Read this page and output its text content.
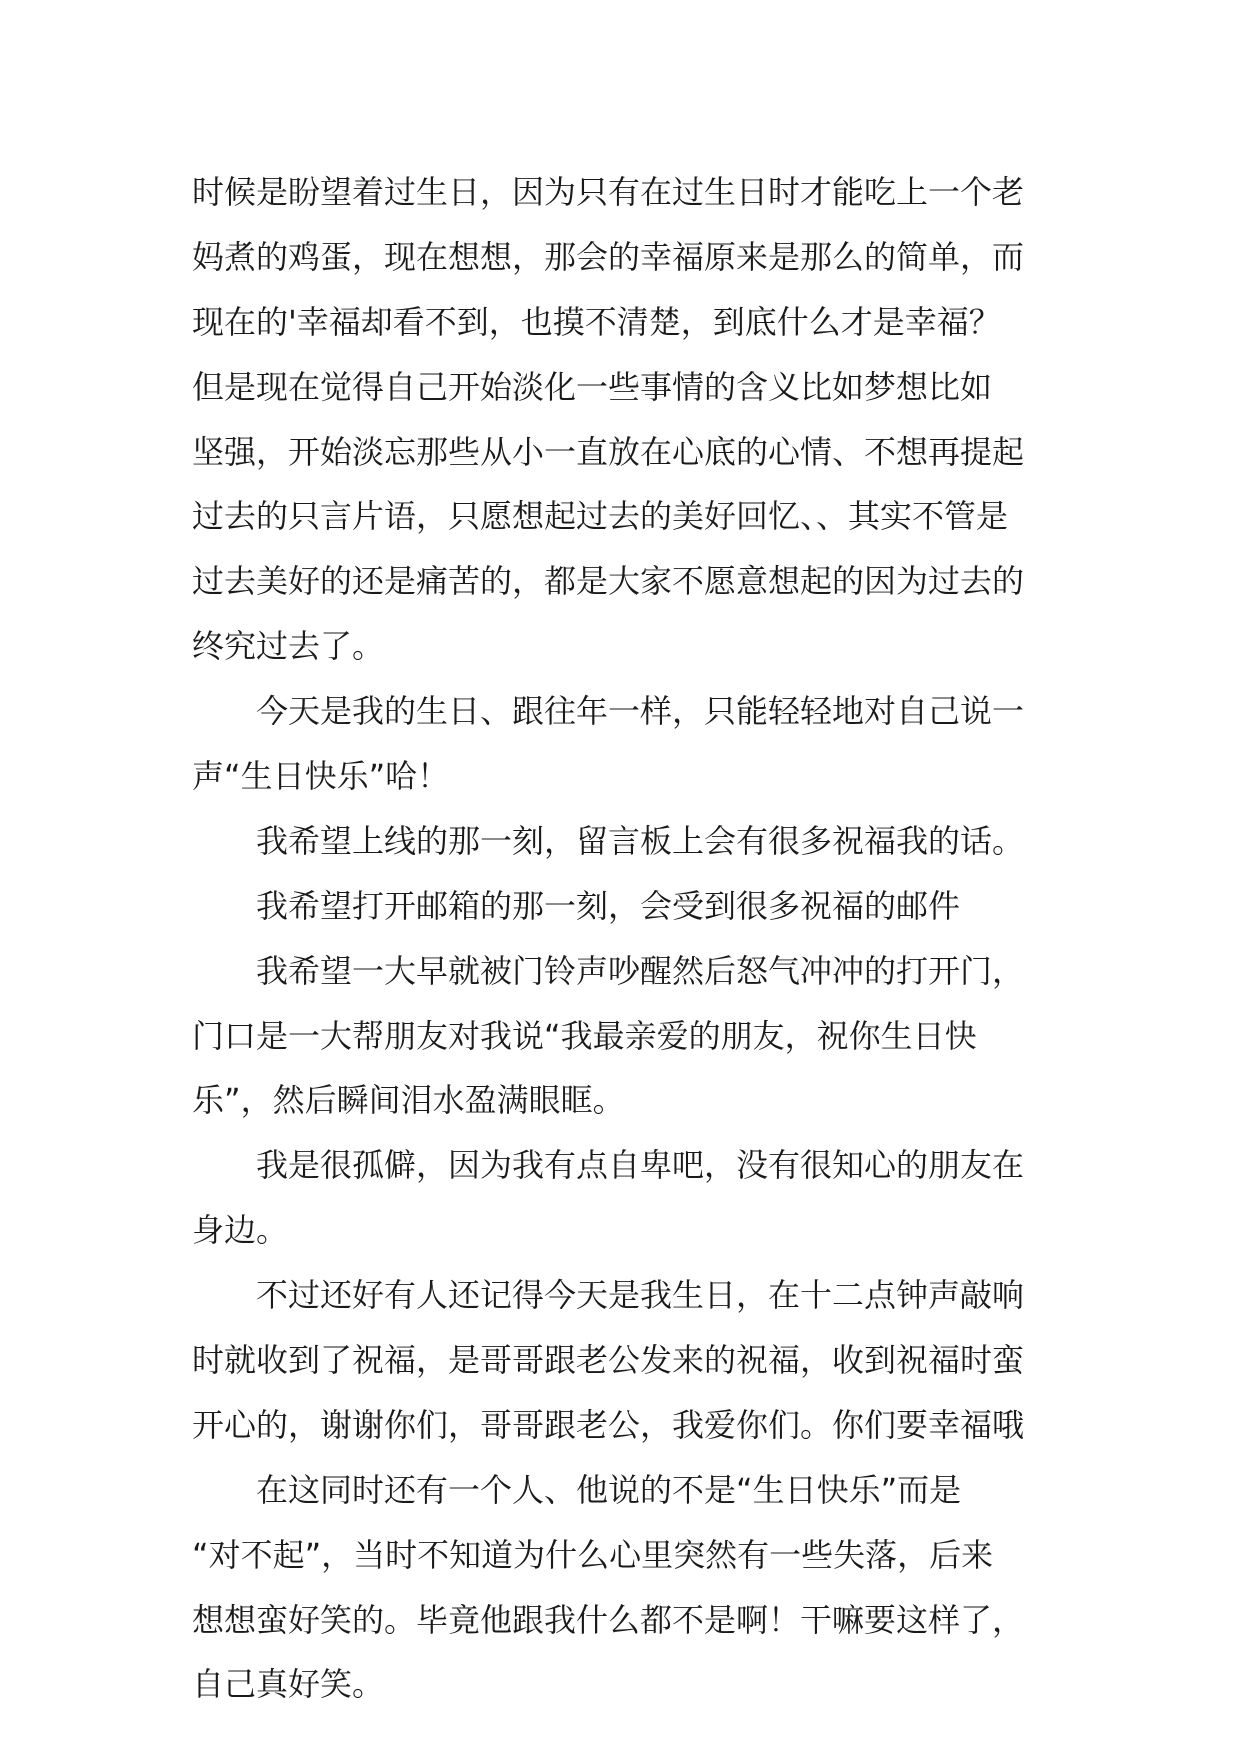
时候是盼望着过生日，因为只有在过生日时才能吃上一个老
妈煮的鸡蛋，现在想想，那会的幸福原来是那么的简单，而
现在的'幸福却看不到，也摸不清楚，到底什么才是幸福？
但是现在觉得自己开始淡化一些事情的含义比如梦想比如
坚强，开始淡忘那些从小一直放在心底的心情、不想再提起
过去的只言片语，只愿想起过去的美好回忆、、其实不管是
过去美好的还是痛苦的，都是大家不愿意想起的因为过去的
终究过去了。
今天是我的生日、跟往年一样，只能轻轻地对自己说一
声“生日快乐”哈！
我希望上线的那一刻，留言板上会有很多祝福我的话。
我希望打开邮箱的那一刻，会受到很多祝福的邮件
我希望一大早就被门铃声吵醒然后怒气冲冲的打开门，
门口是一大帮朋友对我说“我最亲爱的朋友，祝你生日快
乐”，然后瞬间泪水盈满眼眶。
我是很孤僻，因为我有点自卑吧，没有很知心的朋友在
身边。
不过还好有人还记得今天是我生日，在十二点钟声敲响
时就收到了祝福，是哥哥跟老公发来的祝福，收到祝福时蛮
开心的，谢谢你们，哥哥跟老公，我爱你们。你们要幸福哦
在这同时还有一个人、他说的不是“生日快乐”而是
“对不起”，当时不知道为什么心里突然有一些失落，后来
想想蛮好笑的。毕竟他跟我什么都不是啊！干嘛要这样了，
自己真好笑。
